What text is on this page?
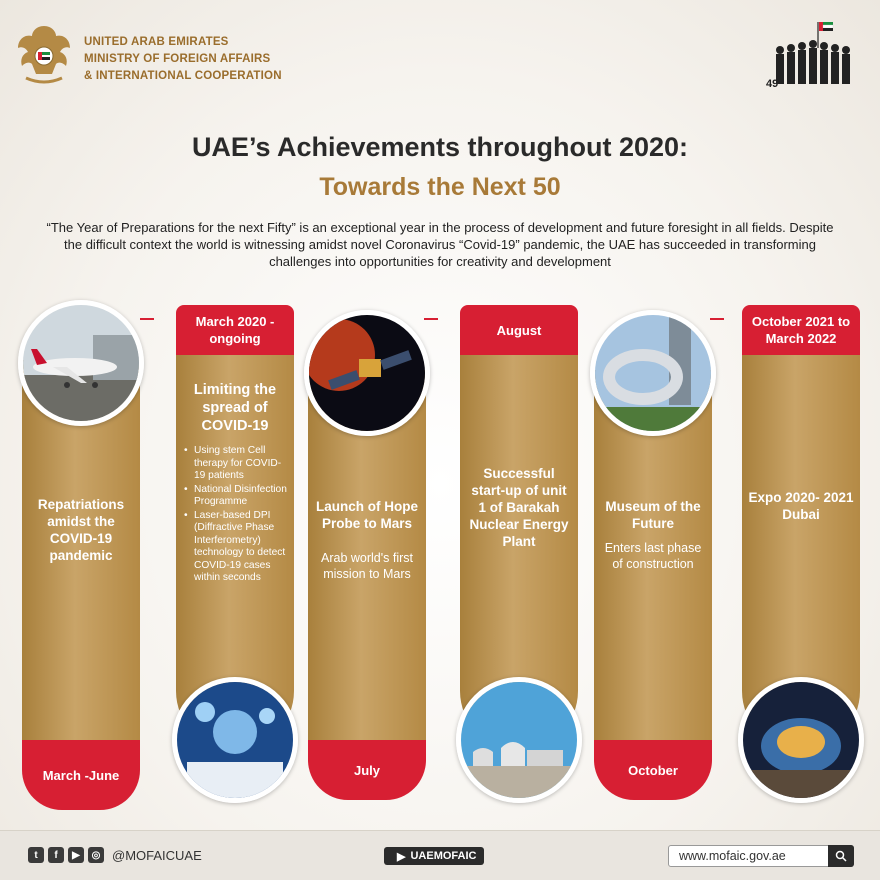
UNITED ARAB EMIRATES
MINISTRY OF FOREIGN AFFAIRS
& INTERNATIONAL COOPERATION
49
UAE’s Achievements throughout 2020:
Towards the Next 50
“The Year of Preparations for the next Fifty” is an exceptional year in the process of development and future foresight in all fields. Despite the difficult context the world is witnessing amidst novel Coronavirus “Covid-19” pandemic, the UAE has succeeded in transforming challenges into opportunities for creativity and development
March -June
Repatriations amidst the COVID-19 pandemic
March 2020 - ongoing
Limiting the spread of COVID-19
• Using stem Cell therapy for COVID-19 patients
• National Disinfection Programme
• Laser-based DPI (Diffractive Phase Interferometry) technology to detect COVID-19 cases within seconds
July
Launch of Hope Probe to Mars
Arab world's first mission to Mars
August
Successful start-up of unit 1 of Barakah Nuclear Energy Plant
October
Museum of the Future
Enters last phase of construction
October 2021 to March 2022
Expo 2020- 2021 Dubai
t	f	▶	◎ @MOFAICUAE	▶ UAEMOFAIC	www.mofaic.gov.ae
